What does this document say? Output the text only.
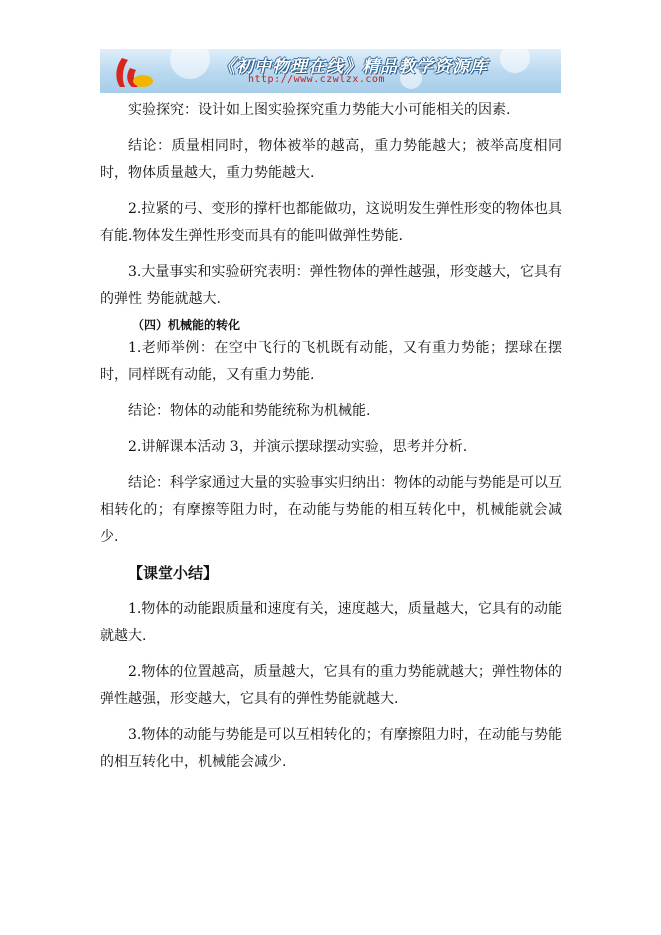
《初中物理在线》精品教学资源库
http://www.czwlzx.com

实验探究：设计如上图实验探究重力势能大小可能相关的因素.

结论：质量相同时，物体被举的越高，重力势能越大；被举高度相同时，物体质量越大，重力势能越大.

2.拉紧的弓、变形的撑杆也都能做功，这说明发生弹性形变的物体也具有能.物体发生弹性形变而具有的能叫做弹性势能.

3.大量事实和实验研究表明：弹性物体的弹性越强，形变越大，它具有的弹性 势能就越大.

（四）机械能的转化

1.老师举例：在空中飞行的飞机既有动能，又有重力势能；摆球在摆时，同样既有动能，又有重力势能.

结论：物体的动能和势能统称为机械能.

2.讲解课本活动 3，并演示摆球摆动实验，思考并分析.

结论：科学家通过大量的实验事实归纳出：物体的动能与势能是可以互相转化的；有摩擦等阻力时，在动能与势能的相互转化中，机械能就会减少.

【课堂小结】

1.物体的动能跟质量和速度有关，速度越大，质量越大，它具有的动能就越大.

2.物体的位置越高，质量越大，它具有的重力势能就越大；弹性物体的弹性越强，形变越大，它具有的弹性势能就越大.

3.物体的动能与势能是可以互相转化的；有摩擦阻力时，在动能与势能的相互转化中，机械能会减少.
